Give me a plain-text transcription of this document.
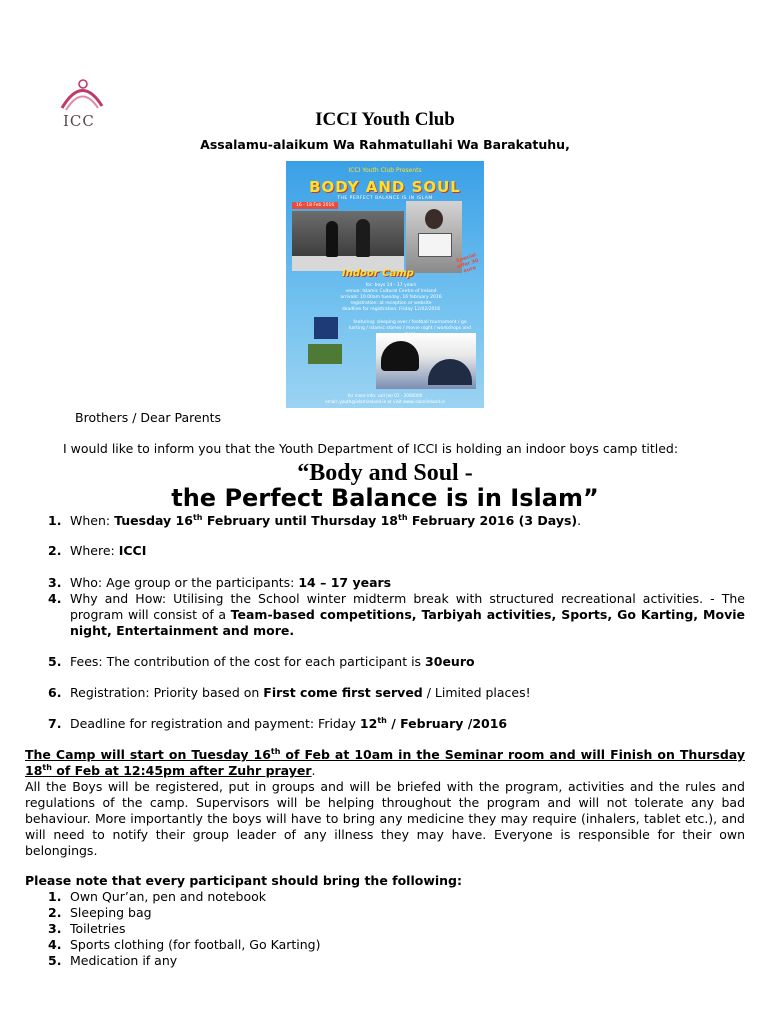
ICC	ICCI Youth Club
Assalamu-alaikum Wa Rahmatullahi Wa Barakatuhu,
ICCI Youth Club Presents
BODY AND SOUL
THE PERFECT BALANCE IS IN ISLAM
16 - 18 Feb 2016
Special offer 30 euro
Indoor Camp
for: boys 14 - 17 years
venue: Islamic Cultural Centre of Ireland
arrivals: 10.00am tuesday, 16 february 2016
registration: at reception or website
deadline for registration: Friday 12/02/2016
featuring: sleeping over / football tournament / go karting / islamic stories / movie night / workshops and
for more info: call (w) 01 - 2080000
email: youth@islamireland.ie or visit www.islamireland.ie
Brothers / Dear Parents
I would like to inform you that the Youth Department of ICCI is holding an indoor boys camp titled:
“Body and Soul -
the Perfect Balance is in Islam”
1. When: Tuesday 16th February until Thursday 18th February 2016 (3 Days).
2. Where: ICCI
3. Who: Age group or the participants: 14 – 17 years
4. Why and How: Utilising the School winter midterm break with structured recreational activities. - The program will consist of a Team-based competitions, Tarbiyah activities, Sports, Go Karting, Movie night, Entertainment and more.
5. Fees: The contribution of the cost for each participant is 30euro
6. Registration: Priority based on First come first served / Limited places!
7. Deadline for registration and payment: Friday 12th / February /2016
The Camp will start on Tuesday 16th of Feb at 10am in the Seminar room and will Finish on Thursday 18th of Feb at 12:45pm after Zuhr prayer.
All the Boys will be registered, put in groups and will be briefed with the program, activities and the rules and regulations of the camp. Supervisors will be helping throughout the program and will not tolerate any bad behaviour. More importantly the boys will have to bring any medicine they may require (inhalers, tablet etc.), and will need to notify their group leader of any illness they may have. Everyone is responsible for their own belongings.
Please note that every participant should bring the following:
1. Own Qur’an, pen and notebook
2. Sleeping bag
3. Toiletries
4. Sports clothing (for football, Go Karting)
5. Medication if any
